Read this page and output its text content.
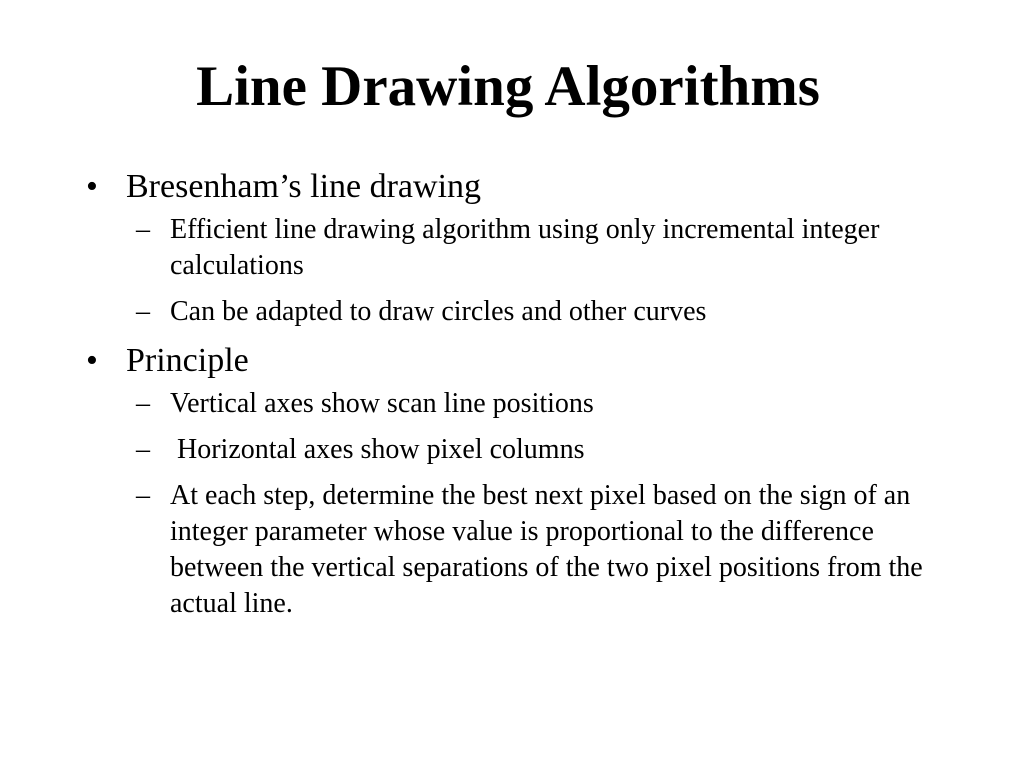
Line Drawing Algorithms
• Bresenham’s line drawing
– Efficient line drawing algorithm using only incremental integer calculations
– Can be adapted to draw circles and other curves
• Principle
– Vertical axes show scan line positions
– Horizontal axes show pixel columns
– At each step, determine the best next pixel based on the sign of an integer parameter whose value is proportional to the difference between the vertical separations of the two pixel positions from the actual line.
